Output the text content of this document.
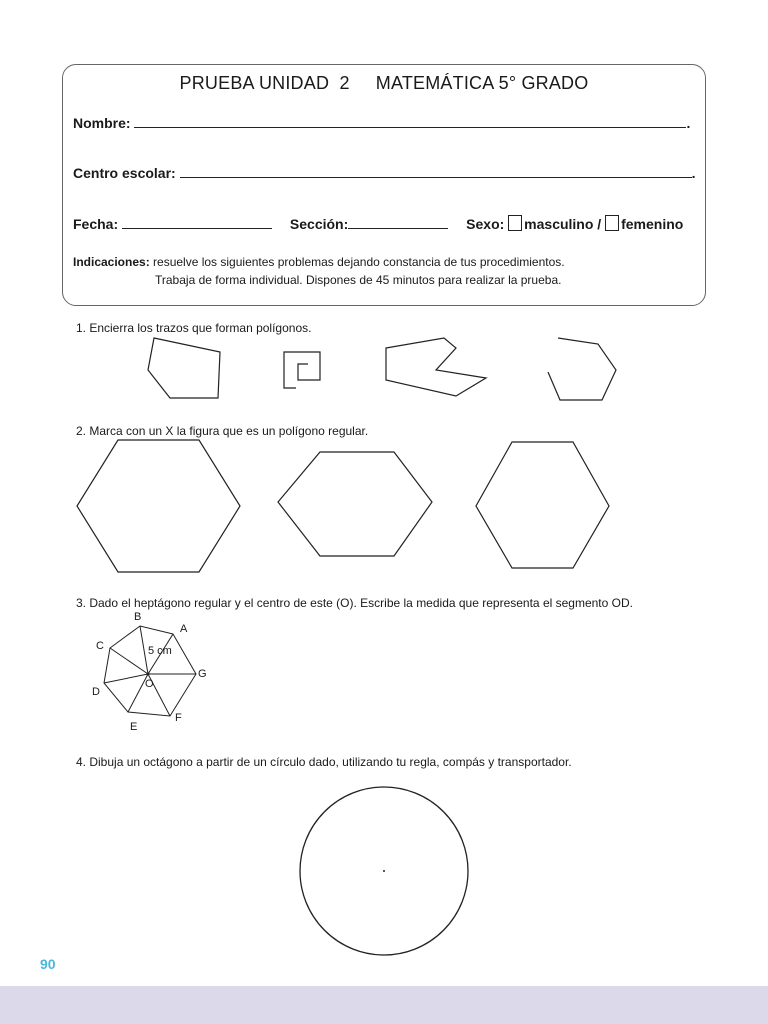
PRUEBA UNIDAD  2     MATEMÁTICA 5° GRADO
Nombre:	.
Centro escolar:	.
Fecha:	Sección:	Sexo: masculino / femenino
Indicaciones: resuelve los siguientes problemas dejando constancia de tus procedimientos.
Trabaja de forma individual. Dispones de 45 minutos para realizar la prueba.
1. Encierra los trazos que forman polígonos.
2. Marca con un X la figura que es un polígono regular.
3. Dado el heptágono regular y el centro de este (O). Escribe la medida que representa el segmento OD.
A
B
C
D
E
F
G
O
5 cm
4. Dibuja un octágono a partir de un círculo dado, utilizando tu regla, compás y transportador.
90
